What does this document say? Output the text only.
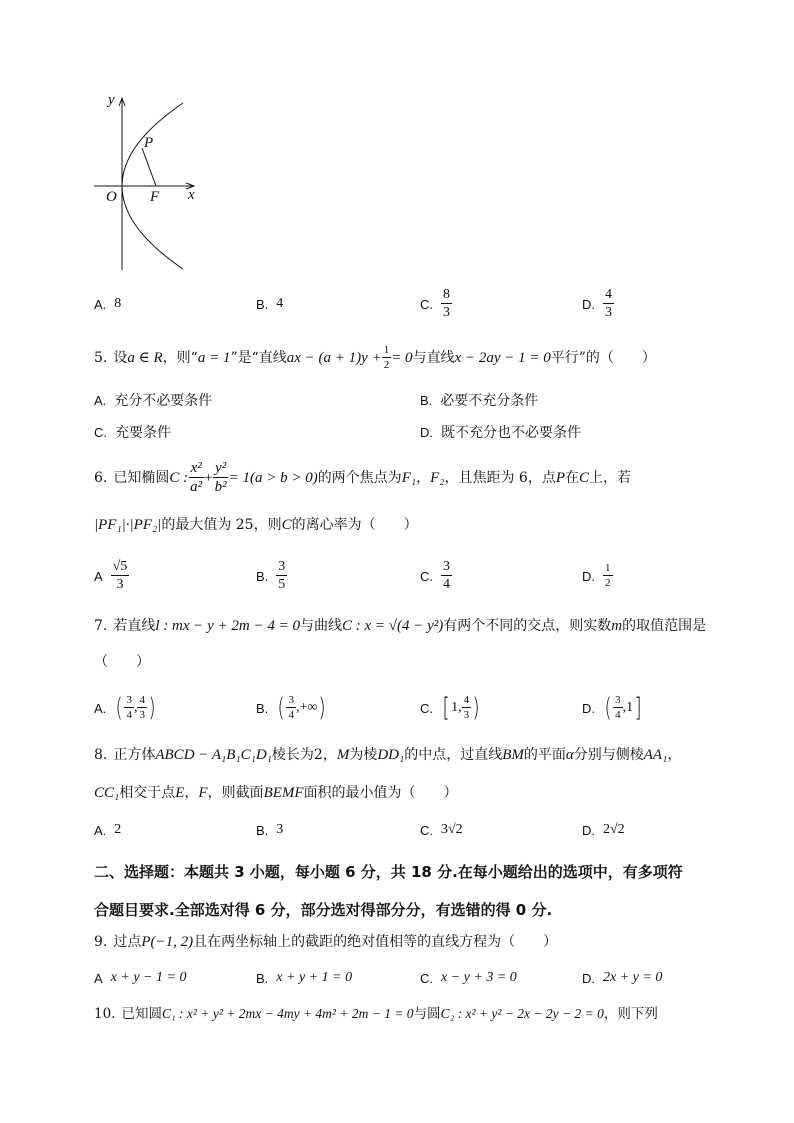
y
x
O F
P
A. 8	B. 4	C. $\frac{8}{3}$	D. $\frac{4}{3}$
5. 设a ∈ R，则“a = 1”是“直线ax − $(a + 1)y + \frac{1}{2} = 0$与直线x − 2ay − 1 = 0平行”的（　　）
A. 充分不必要条件	B. 必要不充分条件
C. 充要条件	D. 既不充分也不必要条件
6. 已知椭圆 C : $\frac{\text{x²}}{\text{a²}} + \frac{\text{y²}}{\text{b²}} = 1(a > b > 0)$ 的两个焦点为 F₁ ， F₂ ，且焦距为 6，点 P 在 C 上，若
|PF₁|·|PF₂|的最大值为 25，则C的离心率为（　　）
A $\frac{√5}{3}$	B. $\frac{3}{5}$	C. $\frac{3}{4}$	D. $\frac{1}{2}$
7. 若直线l : mx − y + 2m − 4 = 0与曲线C : x = √(4 − y²)有两个不同的交点，则实数m的取值范围是
（　　）
A. ( $\frac{3}{4}$ , $\frac{4}{3}$ )	B. ( $\frac{3}{4}$ ,+∞ )	C. [ 1, $\frac{4}{3}$ )	D. ( $\frac{3}{4} ,1$ ]
8. 正方体ABCD − A₁B₁C₁D₁棱长为2，M为棱DD₁的中点，过直线BM的平面α分别与侧棱AA₁，
CC₁相交于点E，F，则截面BEMF面积的最小值为（　　）
A. 2	B. 3	C. 3√2	D. 2√2
二、选择题：本题共 3 小题，每小题 6 分，共 18 分.在每小题给出的选项中，有多项符
合题目要求.全部选对得 6 分，部分选对得部分分，有选错的得 0 分.
9. 过点P(−1, 2)且在两坐标轴上的截距的绝对值相等的直线方程为（　　）
A x + y − 1 = 0	B. x + y + 1 = 0	C. x − y + 3 = 0	D. 2x + y = 0
10. 已知圆C₁ : x² + y² + 2mx − 4my + 4m² + 2m − 1 = 0与圆C₂ : x² + y² − 2x − 2y − 2 = 0，则下列
